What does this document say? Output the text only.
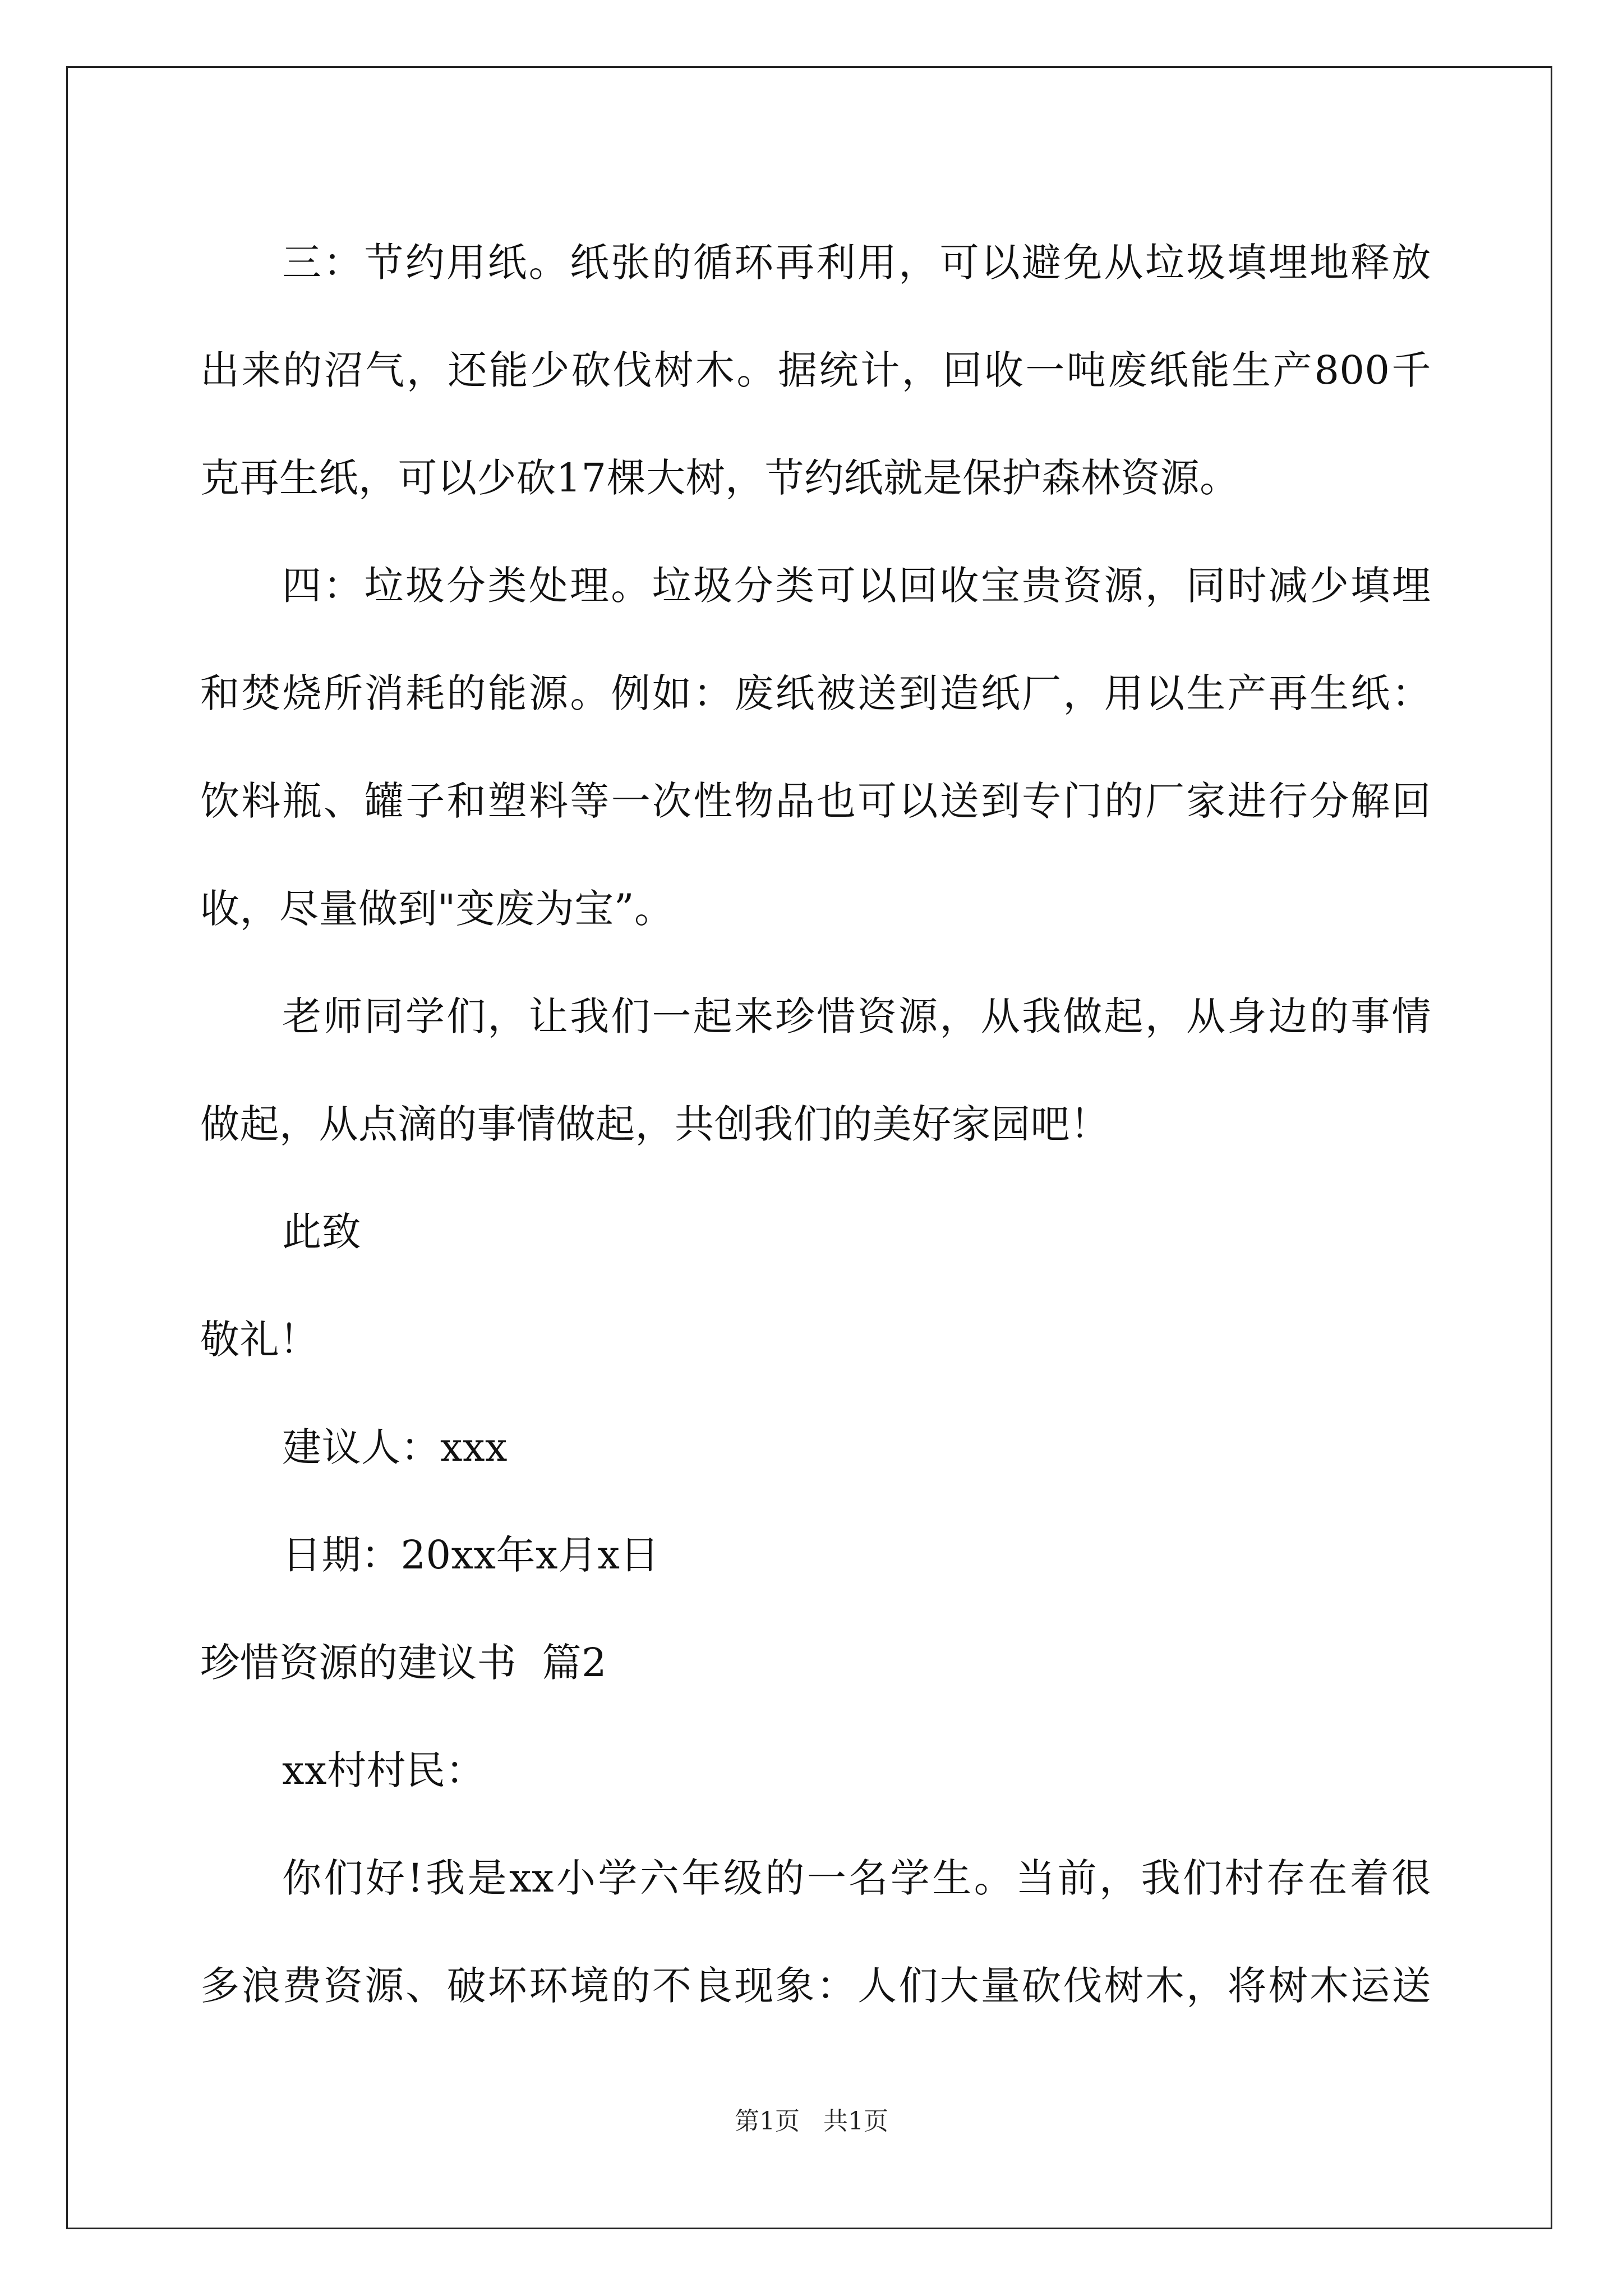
三：节约用纸。纸张的循环再利用，可以避免从垃圾填埋地释放
出来的沼气，还能少砍伐树木。据统计，回收一吨废纸能生产800千
克再生纸，可以少砍17棵大树，节约纸就是保护森林资源。
四：垃圾分类处理。垃圾分类可以回收宝贵资源，同时减少填埋
和焚烧所消耗的能源。例如：废纸被送到造纸厂，用以生产再生纸：
饮料瓶、罐子和塑料等一次性物品也可以送到专门的厂家进行分解回
收，尽量做到"变废为宝”。
老师同学们，让我们一起来珍惜资源，从我做起，从身边的事情
做起，从点滴的事情做起，共创我们的美好家园吧！
此致
敬礼！
建议人：xxx
日期：20xx年x月x日
珍惜资源的建议书  篇2
xx村村民：
你们好!我是xx小学六年级的一名学生。当前，我们村存在着很
多浪费资源、破坏环境的不良现象：人们大量砍伐树木，将树木运送
第1页   共1页
